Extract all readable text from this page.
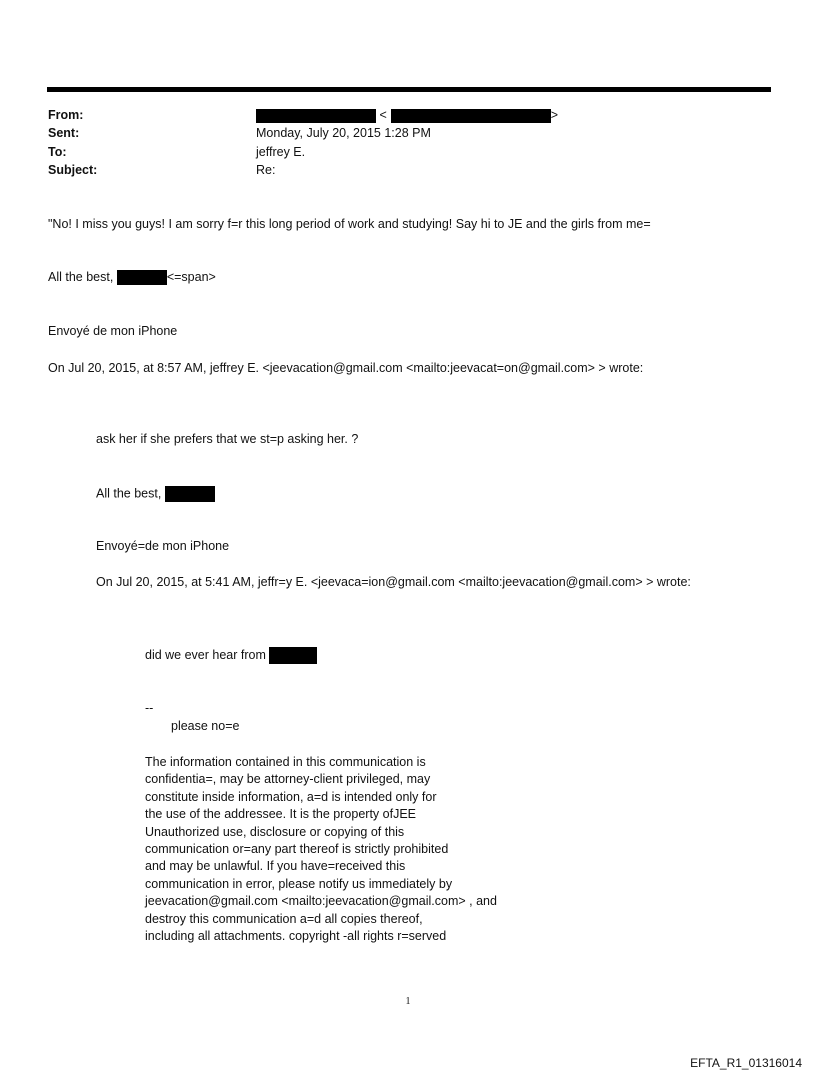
From:	<	>
Sent:	Monday, July 20, 2015 1:28 PM
To:	jeffrey E.
Subject:	Re:
"No! I miss you guys! I am sorry f=r this long period of work and studying! Say hi to JE and the girls from me=
All the best,	<=span>
Envoyé de mon iPhone
On Jul 20, 2015, at 8:57 AM, jeffrey E. <jeevacation@gmail.com <mailto:jeevacat=on@gmail.com> > wrote:
ask her if she prefers that we st=p asking her. ?
All the best,
Envoyé=de mon iPhone
On Jul 20, 2015, at 5:41 AM, jeffr=y E. <jeevaca=ion@gmail.com <mailto:jeevacation@gmail.com> > wrote:
did we ever hear from
--
please no=e
The information contained in this communication is
confidentia=, may be attorney-client privileged, may
constitute inside information, a=d is intended only for
the use of the addressee. It is the property ofJEE
Unauthorized use, disclosure or copying of this
communication or=any part thereof is strictly prohibited
and may be unlawful. If you have=received this
communication in error, please notify us immediately by
jeevacation@gmail.com <mailto:jeevacation@gmail.com> , and
destroy this communication a=d all copies thereof,
including all attachments. copyright -all rights r=served
1
EFTA_R1_01316014
